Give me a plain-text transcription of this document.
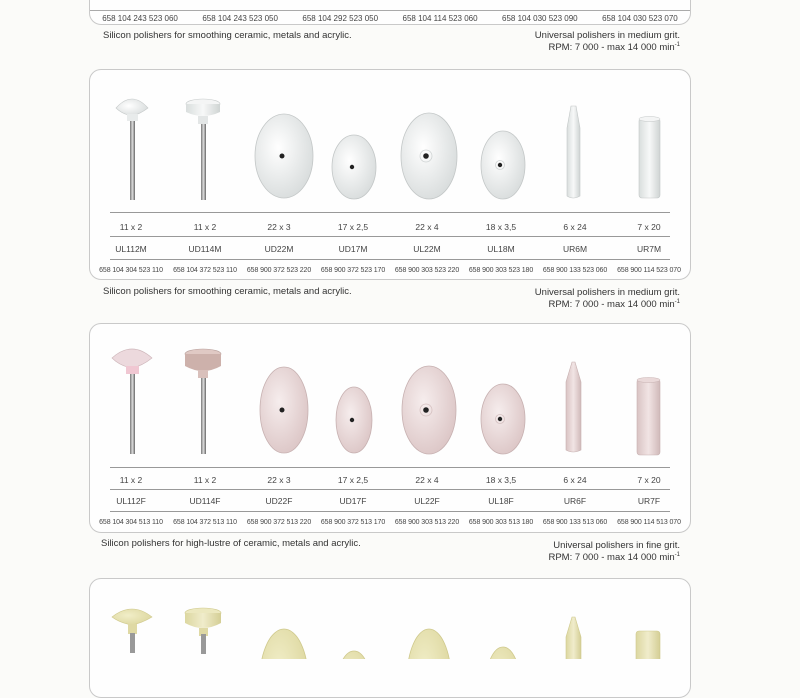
658 104 243 523 060	658 104 243 523 050	658 104 292 523 050	658 104 114 523 060	658 104 030 523 090	658 104 030 523 070
Silicon polishers for smoothing ceramic, metals and acrylic.	Universal polishers in medium grit.
RPM: 7 000 - max 14 000 $\min^{-1}$
11 x 2	11 x 2	22 x 3	17 x 2,5	22 x 4	18 x 3,5	6 x 24	7 x 20
UL112M	UD114M	UD22M	UD17M	UL22M	UL18M	UR6M	UR7M
658 104 304 523 110	658 104 372 523 110	658 900 372 523 220	658 900 372 523 170	658 900 303 523 220	658 900 303 523 180	658 900 133 523 060	658 900 114 523 070
Silicon polishers for smoothing ceramic, metals and acrylic.	Universal polishers in medium grit.
RPM: 7 000 - max 14 000 $\min^{-1}$
11 x 2	11 x 2	22 x 3	17 x 2,5	22 x 4	18 x 3,5	6 x 24	7 x 20
UL112F	UD114F	UD22F	UD17F	UL22F	UL18F	UR6F	UR7F
658 104 304 513 110	658 104 372 513 110	658 900 372 513 220	658 900 372 513 170	658 900 303 513 220	658 900 303 513 180	658 900 133 513 060	658 900 114 513 070
Silicon polishers for high-lustre of ceramic, metals and acrylic.	Universal polishers in fine grit.
RPM: 7 000 - max 14 000 $\min^{-1}$
